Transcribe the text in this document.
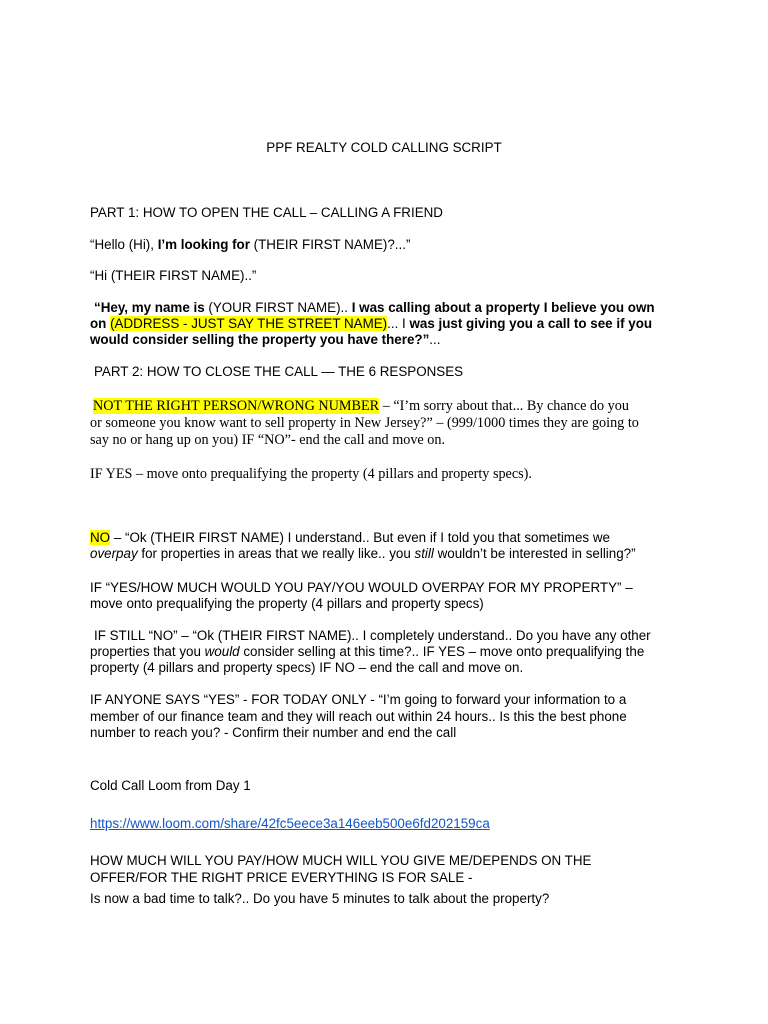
PPF REALTY COLD CALLING SCRIPT
PART 1: HOW TO OPEN THE CALL – CALLING A FRIEND
“Hello (Hi), I’m looking for (THEIR FIRST NAME)?...”
“Hi (THEIR FIRST NAME)..”
“Hey, my name is (YOUR FIRST NAME).. I was calling about a property I believe you own
on (ADDRESS - JUST SAY THE STREET NAME)... I was just giving you a call to see if you
would consider selling the property you have there?”...
PART 2: HOW TO CLOSE THE CALL — THE 6 RESPONSES
NOT THE RIGHT PERSON/WRONG NUMBER – “I’m sorry about that... By chance do you
or someone you know want to sell property in New Jersey?” – (999/1000 times they are going to
say no or hang up on you) IF “NO”- end the call and move on.
IF YES – move onto prequalifying the property (4 pillars and property specs).
NO – “Ok (THEIR FIRST NAME) I understand.. But even if I told you that sometimes we
overpay for properties in areas that we really like.. you still wouldn’t be interested in selling?”
IF “YES/HOW MUCH WOULD YOU PAY/YOU WOULD OVERPAY FOR MY PROPERTY” –
move onto prequalifying the property (4 pillars and property specs)
IF STILL “NO” – “Ok (THEIR FIRST NAME).. I completely understand.. Do you have any other
properties that you would consider selling at this time?.. IF YES – move onto prequalifying the
property (4 pillars and property specs) IF NO – end the call and move on.
IF ANYONE SAYS “YES” - FOR TODAY ONLY - “I’m going to forward your information to a
member of our finance team and they will reach out within 24 hours.. Is this the best phone
number to reach you? - Confirm their number and end the call
Cold Call Loom from Day 1
https://www.loom.com/share/42fc5eece3a146eeb500e6fd202159ca
HOW MUCH WILL YOU PAY/HOW MUCH WILL YOU GIVE ME/DEPENDS ON THE
OFFER/FOR THE RIGHT PRICE EVERYTHING IS FOR SALE -
Is now a bad time to talk?.. Do you have 5 minutes to talk about the property?
